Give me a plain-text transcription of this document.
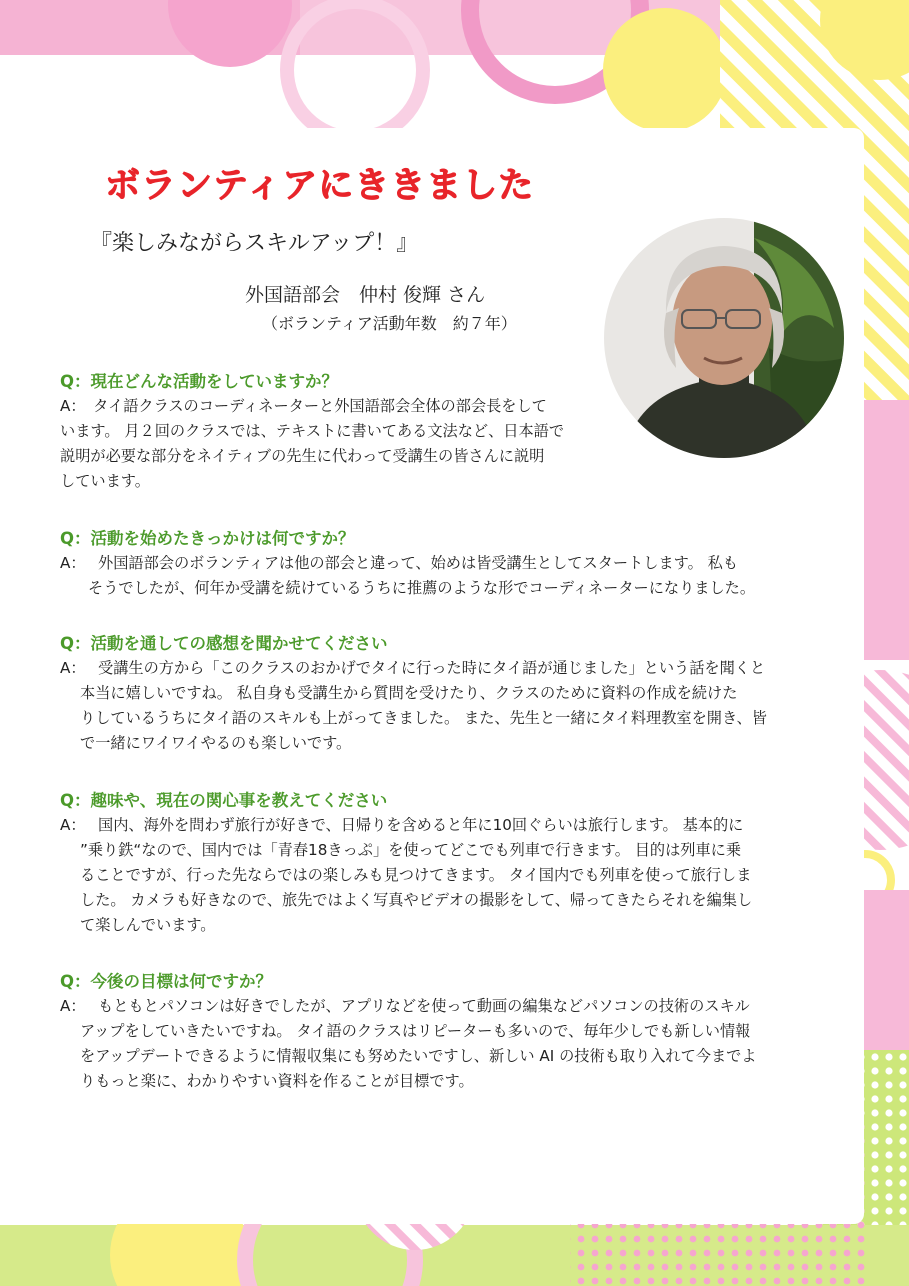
ボランティアにききました
『楽しみながらスキルアップ！』
外国語部会　仲村 俊輝 さん
（ボランティア活動年数　約７年）
Q：現在どんな活動をしていますか？
A：　 タイ語クラスのコーディネーターと外国語部会全体の部会長をして
います。 月２回のクラスでは、テキストに書いてある文法など、日本語で
説明が必要な部分をネイティブの先生に代わって受講生の皆さんに説明
しています。
Q：活動を始めたきっかけは何ですか？
A： 外国語部会のボランティアは他の部会と違って、始めは皆受講生としてスタートします。 私も
そうでしたが、何年か受講を続けているうちに推薦のような形でコーディネーターになりました。
Q：活動を通しての感想を聞かせてください
A： 受講生の方から「このクラスのおかげでタイに行った時にタイ語が通じました」という話を聞くと
本当に嬉しいですね。 私自身も受講生から質問を受けたり、クラスのために資料の作成を続けた
りしているうちにタイ語のスキルも上がってきました。 また、先生と一緒にタイ料理教室を開き、皆
で一緒にワイワイやるのも楽しいです。
Q：趣味や、現在の関心事を教えてください
A： 国内、海外を問わず旅行が好きで、日帰りを含めると年に10回ぐらいは旅行します。 基本的に
”乗り鉄“なので、国内では「青春18きっぷ」を使ってどこでも列車で行きます。 目的は列車に乗
ることですが、行った先ならではの楽しみも見つけてきます。 タイ国内でも列車を使って旅行しま
した。 カメラも好きなので、旅先ではよく写真やビデオの撮影をして、帰ってきたらそれを編集し
て楽しんでいます。
Q：今後の目標は何ですか？
A： もともとパソコンは好きでしたが、アプリなどを使って動画の編集などパソコンの技術のスキル
アップをしていきたいですね。 タイ語のクラスはリピーターも多いので、毎年少しでも新しい情報
をアップデートできるように情報収集にも努めたいですし、新しい AI の技術も取り入れて今までよ
りもっと楽に、わかりやすい資料を作ることが目標です。
